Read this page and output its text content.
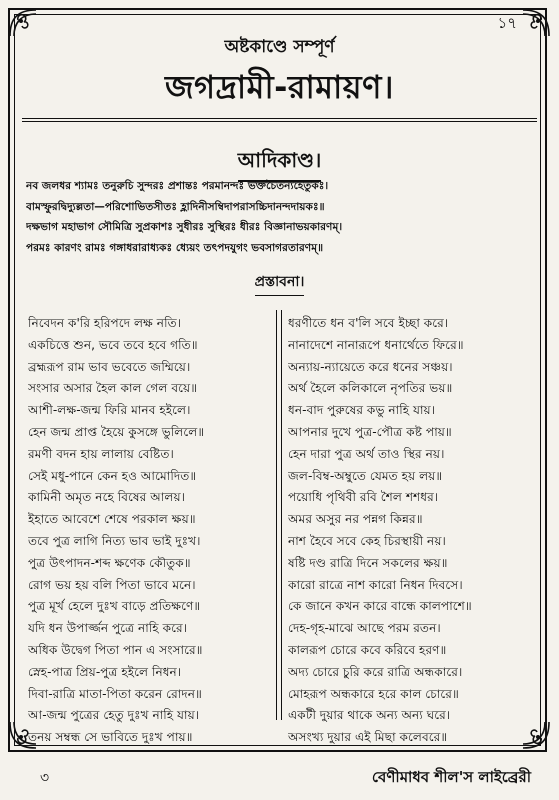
১৭
অষ্টকাণ্ডে সম্পূর্ণ
জগদ্রামী-রামায়ণ।
আদিকাণ্ড।
নব জলধর শ্যামঃ তনুরুচি সুন্দরঃ প্রশান্তঃ পরমানন্দঃ ভক্তচৈতন্যহেতুকঃ।
বামস্ফুরদ্বিদ্যুল্লতা—পরিশোভিতসীতঃ হ্লাদিনীসম্বিদাপরাসচ্চিদানন্দদায়কঃ॥
দক্ষভাগ মহাভাগ সৌমিত্রি সুপ্রকাশঃ সুধীরঃ সুস্থিরঃ ধীরঃ বিজ্ঞানাভয়কারণম্।
পরমঃ কারণং রামঃ গঙ্গাধরারাধ্যকঃ ধ্যেয়ং তৎপদযুগং ভবসাগরতারণম্॥
প্রস্তাবনা।
নিবেদন ক'রি হরিপদে লক্ষ নতি।
একচিত্তে শুন, ভবে তবে হবে গতি॥
ব্রহ্মরূপ রাম ভাব ভবেতে জম্মিয়ে।
সংসার অসার হৈল কাল গেল বয়ে॥
আশী-লক্ষ-জন্ম ফিরি মানব হইলে।
হেন জন্ম প্রাপ্ত হৈয়ে কুসঙ্গে ভুলিলে॥
রমণী বদন হায় লালায় বেষ্টিত।
সেই মধু-পানে কেন হও আমোদিত॥
কামিনী অমৃত নহে বিষের আলয়।
ইহাতে আবেশে শেষে পরকাল ক্ষয়॥
তবে পুত্র লাগি নিত্য ভাব ভাই দুঃখ।
পুত্র উৎপাদন-শব্দ ক্ষণেক কৌতুক॥
রোগ ভয় হয় বলি পিতা ভাবে মনে।
পুত্র মূর্খ হেলে দুঃখ বাড়ে প্রতিক্ষণে॥
যদি ধন উপার্জ্জন পুত্রে নাহি করে।
অধিক উদ্বেগ পিতা পান এ সংসারে॥
স্নেহ-পাত্র প্রিয়-পুত্র হইলে নিধন।
দিবা-রাত্রি মাতা-পিতা করেন রোদন॥
আ-জন্ম পুত্রের হেতু দুঃখ নাহি যায়।
তনয় সম্বন্ধ সে ভাবিতে দুঃখ পায়॥
ধরণীতে ধন ব'লি সবে ইচ্ছা করে।
নানাদেশে নানারূপে ধনার্থেতে ফিরে॥
অন্যায়-ন্যায়েতে করে ধনের সঞ্চয়।
অর্থ হৈলে কলিকালে নৃপতির ভয়॥
ধন-বাদ পুরুষের কভু নাহি যায়।
আপনার দুখে পুত্র-পৌত্র কষ্ট পায়॥
হেন দারা পুত্র অর্থ তাও স্থির নয়।
জল-বিম্ব-অম্বুতে যেমত হয় লয়॥
পয়োধি পৃথিবী রবি শৈল শশধর।
অমর অসুর নর পন্নগ কিন্নর॥
নাশ হৈবে সবে কেহ চিরস্থায়ী নয়।
ষষ্টি দণ্ড রাত্রি দিনে সকলের ক্ষয়॥
কারো রাত্রে নাশ কারো নিধন দিবসে।
কে জানে কখন কারে বান্ধে কালপাশে॥
দেহ-গৃহ-মাঝে আছে পরম রতন।
কালরূপ চোরে কবে করিবে হরণ॥
অদ্য চোরে চুরি করে রাত্রি অন্ধকারে।
মোহরূপ অন্ধকারে হরে কাল চোরে॥
একটী দুয়ার থাকে অন্য অন্য ঘরে।
অসংখ্য দুয়ার এই মিছা কলেবরে॥
৩	বেণীমাধব শীল'স লাইব্রেরী
